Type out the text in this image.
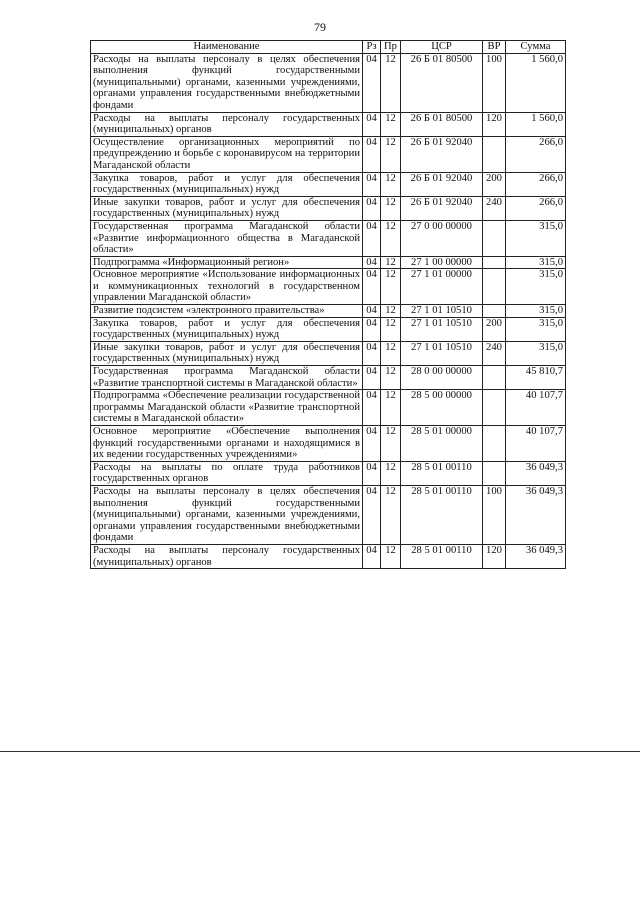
79
Наименование	Рз	Пр	ЦСР	ВР	Сумма
Расходы на выплаты персоналу в целях обеспечения выполнения функций государственными (муниципальными) органами, казенными учреждениями, органами управления государственными внебюджетными фондами	04	12	26 Б 01 80500	100	1 560,0
Расходы на выплаты персоналу государственных (муниципальных) органов	04	12	26 Б 01 80500	120	1 560,0
Осуществление организационных мероприятий по предупреждению и борьбе с коронавирусом на территории Магаданской области	04	12	26 Б 01 92040		266,0
Закупка товаров, работ и услуг для обеспечения государственных (муниципальных) нужд	04	12	26 Б 01 92040	200	266,0
Иные закупки товаров, работ и услуг для обеспечения государственных (муниципальных) нужд	04	12	26 Б 01 92040	240	266,0
Государственная программа Магаданской области «Развитие информационного общества в Магаданской области»	04	12	27 0 00 00000		315,0
Подпрограмма «Информационный регион»	04	12	27 1 00 00000		315,0
Основное мероприятие «Использование информационных и коммуникационных технологий в государственном управлении Магаданской области»	04	12	27 1 01 00000		315,0
Развитие подсистем «электронного правительства»	04	12	27 1 01 10510		315,0
Закупка товаров, работ и услуг для обеспечения государственных (муниципальных) нужд	04	12	27 1 01 10510	200	315,0
Иные закупки товаров, работ и услуг для обеспечения государственных (муниципальных) нужд	04	12	27 1 01 10510	240	315,0
Государственная программа Магаданской области «Развитие транспортной системы в Магаданской области»	04	12	28 0 00 00000		45 810,7
Подпрограмма «Обеспечение реализации государственной программы Магаданской области «Развитие транспортной системы в Магаданской области»	04	12	28 5 00 00000		40 107,7
Основное мероприятие «Обеспечение выполнения функций государственными органами и находящимися в их ведении государственных учреждениями»	04	12	28 5 01 00000		40 107,7
Расходы на выплаты по оплате труда работников государственных органов	04	12	28 5 01 00110		36 049,3
Расходы на выплаты персоналу в целях обеспечения выполнения функций государственными (муниципальными) органами, казенными учреждениями, органами управления государственными внебюджетными фондами	04	12	28 5 01 00110	100	36 049,3
Расходы на выплаты персоналу государственных (муниципальных) органов	04	12	28 5 01 00110	120	36 049,3
